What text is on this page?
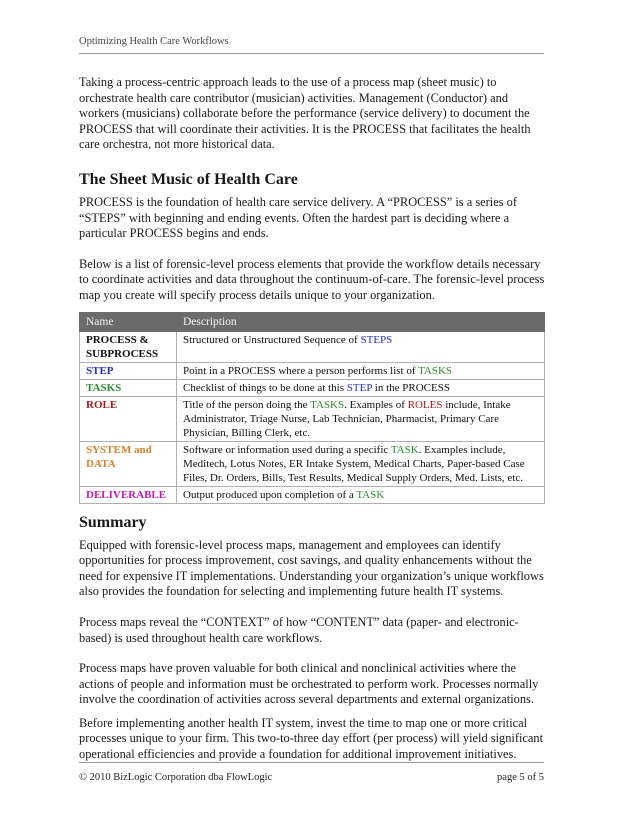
Optimizing Health Care Workflows

Taking a process-centric approach leads to the use of a process map (sheet music) to orchestrate health care contributor (musician) activities. Management (Conductor) and workers (musicians) collaborate before the performance (service delivery) to document the PROCESS that will coordinate their activities. It is the PROCESS that facilitates the health care orchestra, not more historical data.

The Sheet Music of Health Care

PROCESS is the foundation of health care service delivery. A “PROCESS” is a series of “STEPS” with beginning and ending events. Often the hardest part is deciding where a particular PROCESS begins and ends.

Below is a list of forensic-level process elements that provide the workflow details necessary to coordinate activities and data throughout the continuum-of-care. The forensic-level process map you create will specify process details unique to your organization.

Name	Description
PROCESS & SUBPROCESS	Structured or Unstructured Sequence of STEPS
STEP	Point in a PROCESS where a person performs list of TASKS
TASKS	Checklist of things to be done at this STEP in the PROCESS
ROLE	Title of the person doing the TASKS. Examples of ROLES include, Intake Administrator, Triage Nurse, Lab Technician, Pharmacist, Primary Care Physician, Billing Clerk, etc.
SYSTEM and DATA	Software or information used during a specific TASK. Examples include, Meditech, Lotus Notes, ER Intake System, Medical Charts, Paper-based Case Files, Dr. Orders, Bills, Test Results, Medical Supply Orders, Med. Lists, etc.
DELIVERABLE	Output produced upon completion of a TASK
Summary

Equipped with forensic-level process maps, management and employees can identify opportunities for process improvement, cost savings, and quality enhancements without the need for expensive IT implementations. Understanding your organization’s unique workflows also provides the foundation for selecting and implementing future health IT systems.

Process maps reveal the “CONTEXT” of how “CONTENT” data (paper- and electronic-based) is used throughout health care workflows.

Process maps have proven valuable for both clinical and nonclinical activities where the actions of people and information must be orchestrated to perform work. Processes normally involve the coordination of activities across several departments and external organizations.

Before implementing another health IT system, invest the time to map one or more critical processes unique to your firm. This two-to-three day effort (per process) will yield significant operational efficiencies and provide a foundation for additional improvement initiatives.

© 2010 BizLogic Corporation dba FlowLogic	page 5 of 5
